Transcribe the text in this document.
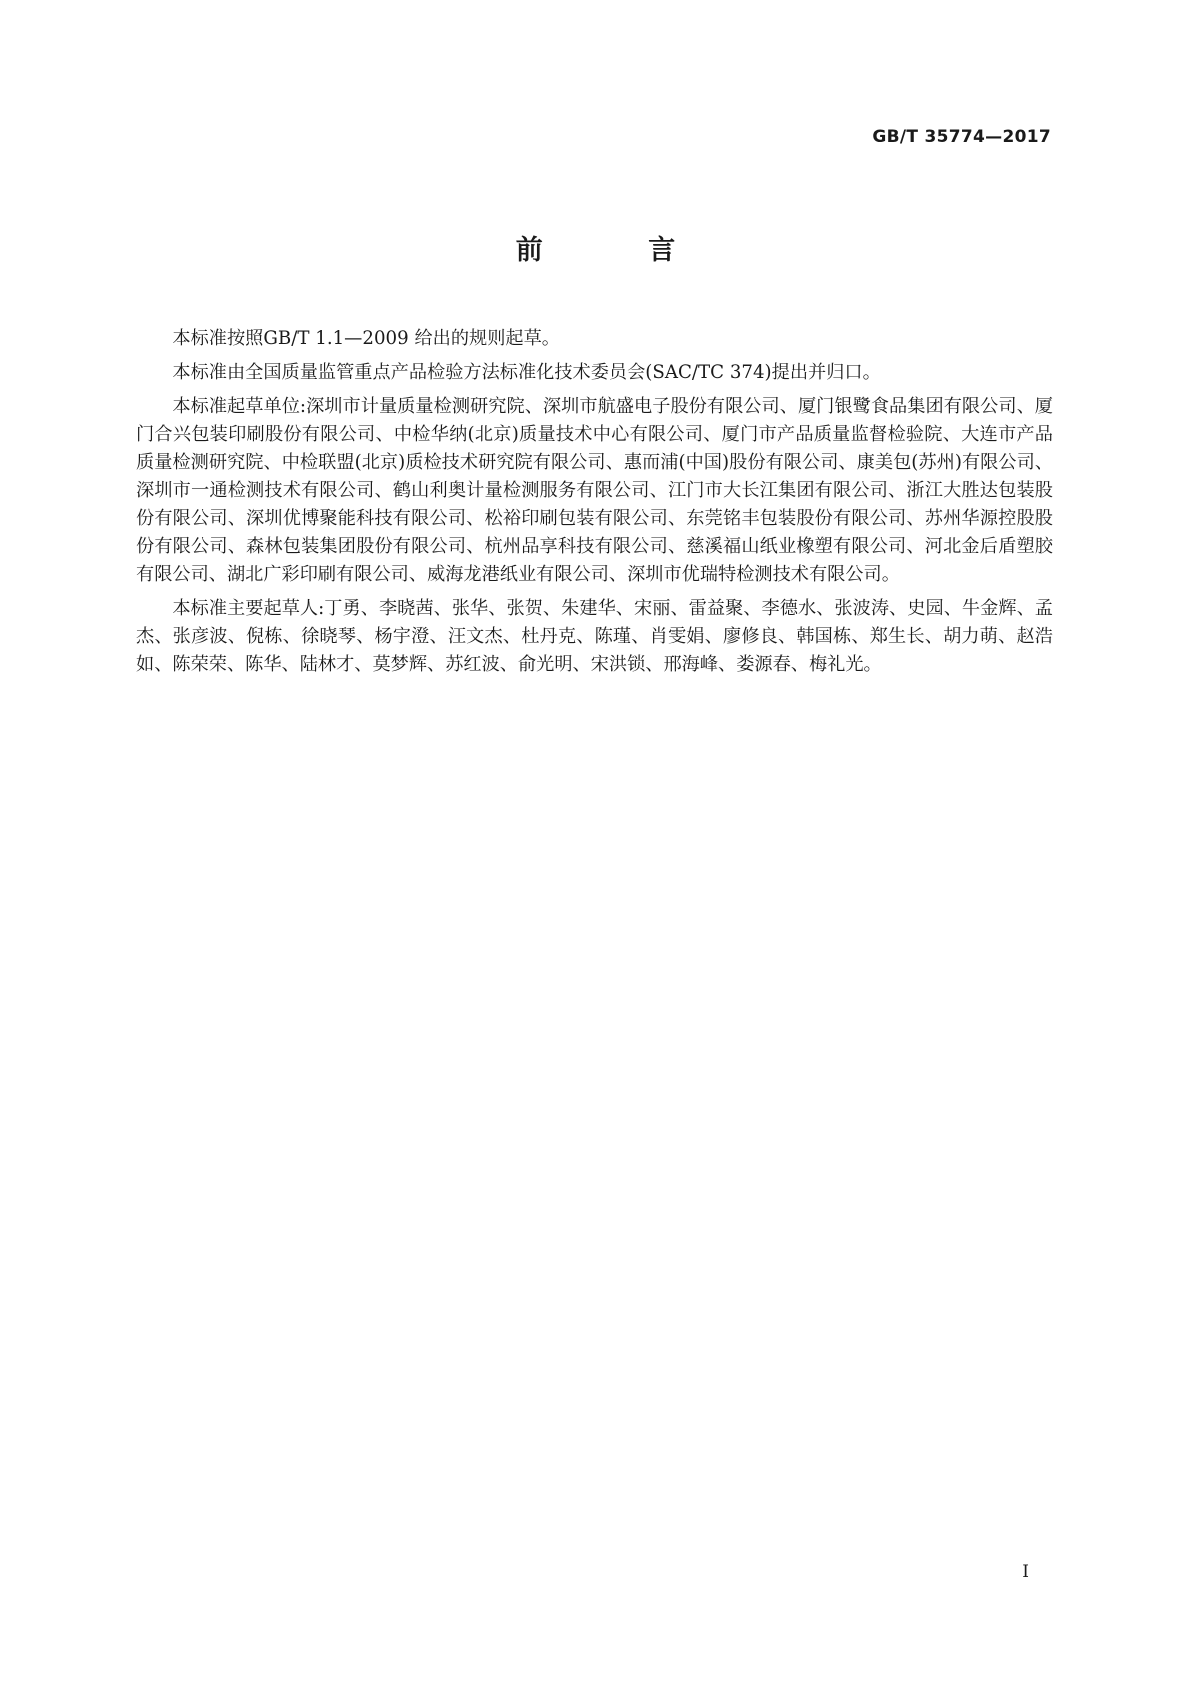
GB/T 35774—2017
前 言

本标准按照GB/T 1.1—2009 给出的规则起草。

本标准由全国质量监管重点产品检验方法标准化技术委员会(SAC/TC 374)提出并归口。

本标准起草单位:深圳市计量质量检测研究院、深圳市航盛电子股份有限公司、厦门银鹭食品集团有限公司、厦门合兴包装印刷股份有限公司、中检华纳(北京)质量技术中心有限公司、厦门市产品质量监督检验院、大连市产品质量检测研究院、中检联盟(北京)质检技术研究院有限公司、惠而浦(中国)股份有限公司、康美包(苏州)有限公司、深圳市一通检测技术有限公司、鹤山利奥计量检测服务有限公司、江门市大长江集团有限公司、浙江大胜达包装股份有限公司、深圳优博聚能科技有限公司、松裕印刷包装有限公司、东莞铭丰包装股份有限公司、苏州华源控股股份有限公司、森林包装集团股份有限公司、杭州品享科技有限公司、慈溪福山纸业橡塑有限公司、河北金后盾塑胶有限公司、湖北广彩印刷有限公司、威海龙港纸业有限公司、深圳市优瑞特检测技术有限公司。

本标准主要起草人:丁勇、李晓茜、张华、张贺、朱建华、宋丽、雷益聚、李德水、张波涛、史园、牛金辉、孟杰、张彦波、倪栋、徐晓琴、杨宇澄、汪文杰、杜丹克、陈瑾、肖雯娟、廖修良、韩国栋、郑生长、胡力萌、赵浩如、陈荣荣、陈华、陆林才、莫梦辉、苏红波、俞光明、宋洪锁、邢海峰、娄源春、梅礼光。

I
